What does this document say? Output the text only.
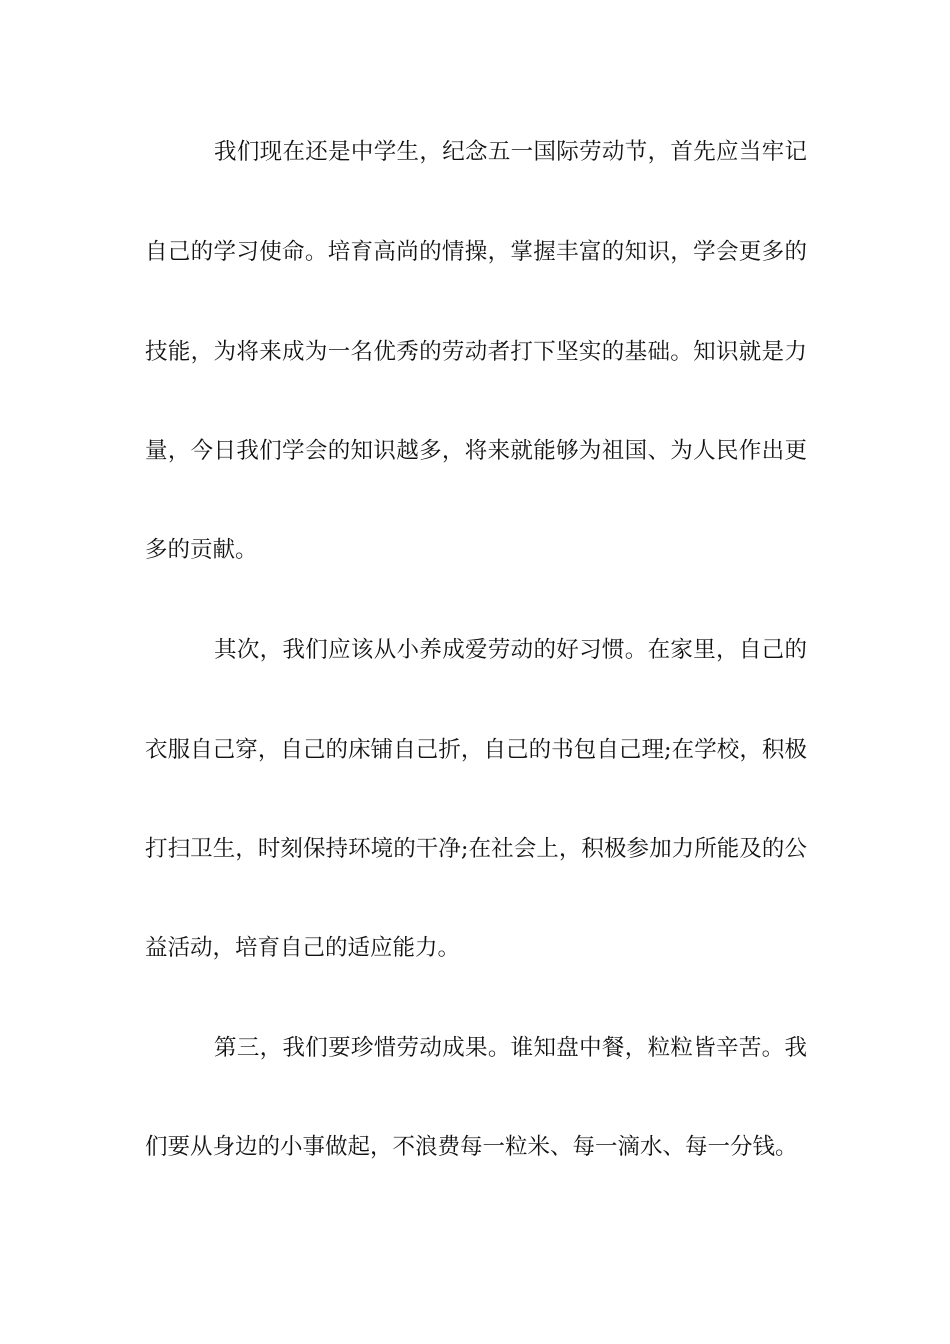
我们现在还是中学生，纪念五一国际劳动节，首先应当牢记
自己的学习使命。培育高尚的情操，掌握丰富的知识，学会更多的
技能，为将来成为一名优秀的劳动者打下坚实的基础。知识就是力
量，今日我们学会的知识越多，将来就能够为祖国、为人民作出更
多的贡献。
其次，我们应该从小养成爱劳动的好习惯。在家里，自己的
衣服自己穿，自己的床铺自己折，自己的书包自己理;在学校，积极
打扫卫生，时刻保持环境的干净;在社会上，积极参加力所能及的公
益活动，培育自己的适应能力。
第三，我们要珍惜劳动成果。谁知盘中餐，粒粒皆辛苦。我
们要从身边的小事做起，不浪费每一粒米、每一滴水、每一分钱。
